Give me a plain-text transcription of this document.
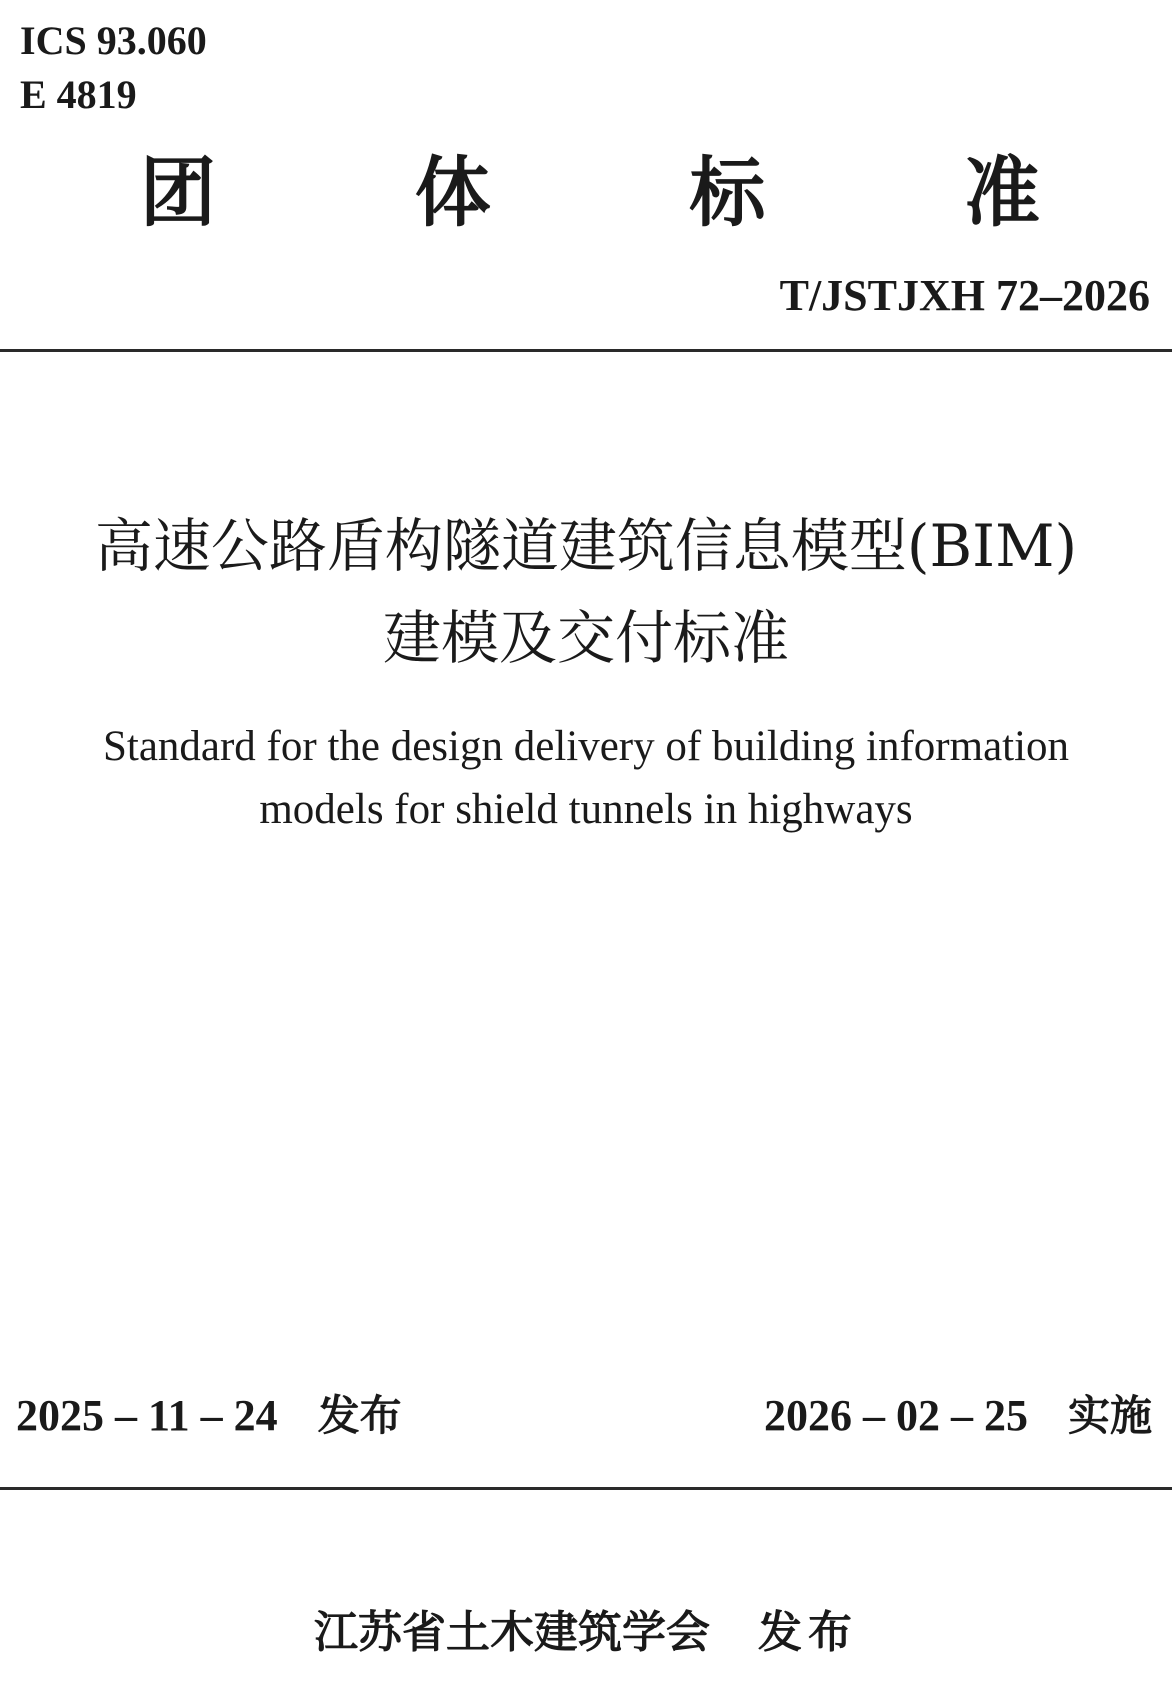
ICS 93.060
E 4819
团	体	标	准
T/JSTJXH 72–2026
高速公路盾构隧道建筑信息模型(BIM)
建模及交付标准
Standard for the design delivery of building information
models for shield tunnels in highways
2025 – 11 – 24 发布	2026 – 02 – 25 实施
江苏省土木建筑学会 发布
